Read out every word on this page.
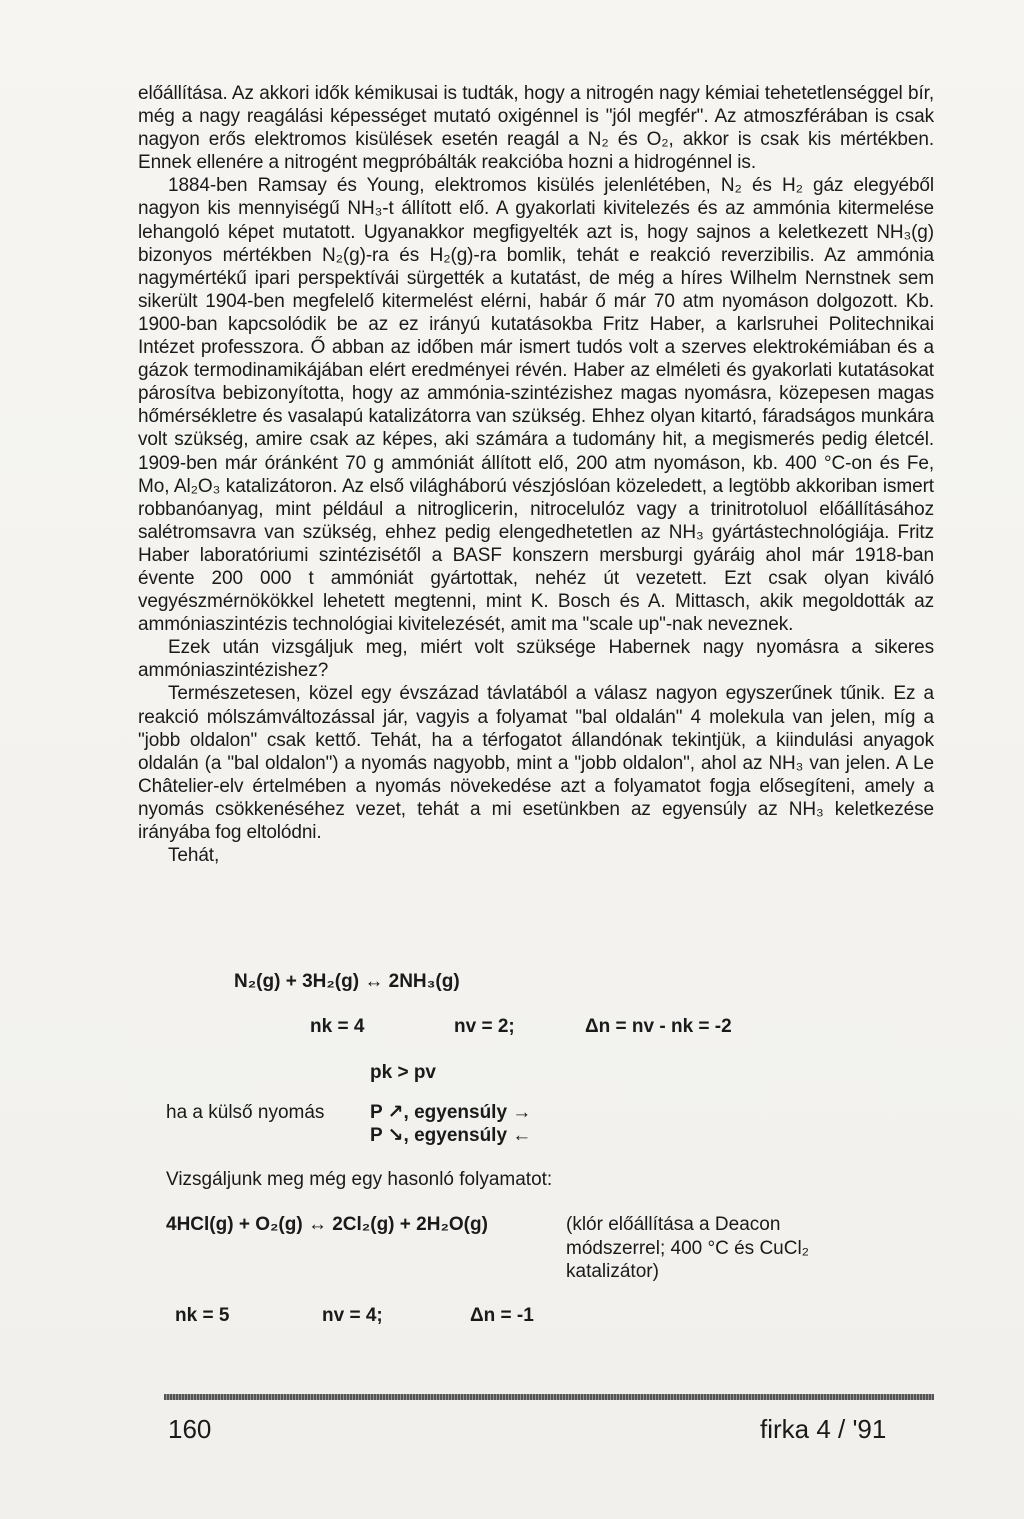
előállítása. Az akkori idők kémikusai is tudták, hogy a nitrogén nagy kémiai tehetetlenséggel bír, még a nagy reagálási képességet mutató oxigénnel is "jól megfér". Az atmoszférában is csak nagyon erős elektromos kisülések esetén reagál a N₂ és O₂, akkor is csak kis mértékben. Ennek ellenére a nitrogént megpróbálták reakcióba hozni a hidrogénnel is.

1884-ben Ramsay és Young, elektromos kisülés jelenlétében, N₂ és H₂ gáz elegyéből nagyon kis mennyiségű NH₃-t állított elő. A gyakorlati kivitelezés és az ammónia kitermelése lehangoló képet mutatott. Ugyanakkor megfigyelték azt is, hogy sajnos a keletkezett NH₃(g) bizonyos mértékben N₂(g)-ra és H₂(g)-ra bomlik, tehát e reakció reverzibilis. Az ammónia nagymértékű ipari perspektívái sürgették a kutatást, de még a híres Wilhelm Nernstnek sem sikerült 1904-ben megfelelő kitermelést elérni, habár ő már 70 atm nyomáson dolgozott. Kb. 1900-ban kapcsolódik be az ez irányú kutatásokba Fritz Haber, a karlsruhei Politechnikai Intézet professzora. Ő abban az időben már ismert tudós volt a szerves elektrokémiában és a gázok termodinamikájában elért eredményei révén. Haber az elméleti és gyakorlati kutatásokat párosítva bebizonyította, hogy az ammónia-szintézishez magas nyomásra, közepesen magas hőmérsékletre és vasalapú katalizátorra van szükség. Ehhez olyan kitartó, fáradságos munkára volt szükség, amire csak az képes, aki számára a tudomány hit, a megismerés pedig életcél. 1909-ben már óránként 70 g ammóniát állított elő, 200 atm nyomáson, kb. 400 °C-on és Fe, Mo, Al₂O₃ katalizátoron. Az első világháború vészjóslóan közeledett, a legtöbb akkoriban ismert robbanóanyag, mint például a nitroglicerin, nitrocelulóz vagy a trinitrotoluol előállításához salétromsavra van szükség, ehhez pedig elengedhetetlen az NH₃ gyártástechnológiája. Fritz Haber laboratóriumi szintézisétől a BASF konszern mersburgi gyáráig ahol már 1918-ban évente 200 000 t ammóniát gyártottak, nehéz út vezetett. Ezt csak olyan kiváló vegyészmérnökökkel lehetett megtenni, mint K. Bosch és A. Mittasch, akik megoldották az ammóniaszintézis technológiai kivitelezését, amit ma "scale up"-nak neveznek.

Ezek után vizsgáljuk meg, miért volt szüksége Habernek nagy nyomásra a sikeres ammóniaszintézishez?

Természetesen, közel egy évszázad távlatából a válasz nagyon egyszerűnek tűnik. Ez a reakció mólszámváltozással jár, vagyis a folyamat "bal oldalán" 4 molekula van jelen, míg a "jobb oldalon" csak kettő. Tehát, ha a térfogatot állandónak tekintjük, a kiindulási anyagok oldalán (a "bal oldalon") a nyomás nagyobb, mint a "jobb oldalon", ahol az NH₃ van jelen. A Le Châtelier-elv értelmében a nyomás növekedése azt a folyamatot fogja elősegíteni, amely a nyomás csökkenéséhez vezet, tehát a mi esetünkben az egyensúly az NH₃ keletkezése irányába fog eltolódni.

Tehát,

N₂(g) + 3H₂(g) ↔ 2NH₃(g)
nk = 4	nv = 2;	Δn = nv - nk = -2
pk > pv
ha a külső nyomás P ↗, egyensúly →
P ↘, egyensúly ←
Vizsgáljunk meg még egy hasonló folyamatot:
4HCl(g) + O₂(g) ↔ 2Cl₂(g) + 2H₂O(g)	(klór előállítása a Deacon módszerrel; 400 °C és CuCl₂ katalizátor)
nk = 5	nv = 4;	Δn = -1
160	firka 4 / '91
